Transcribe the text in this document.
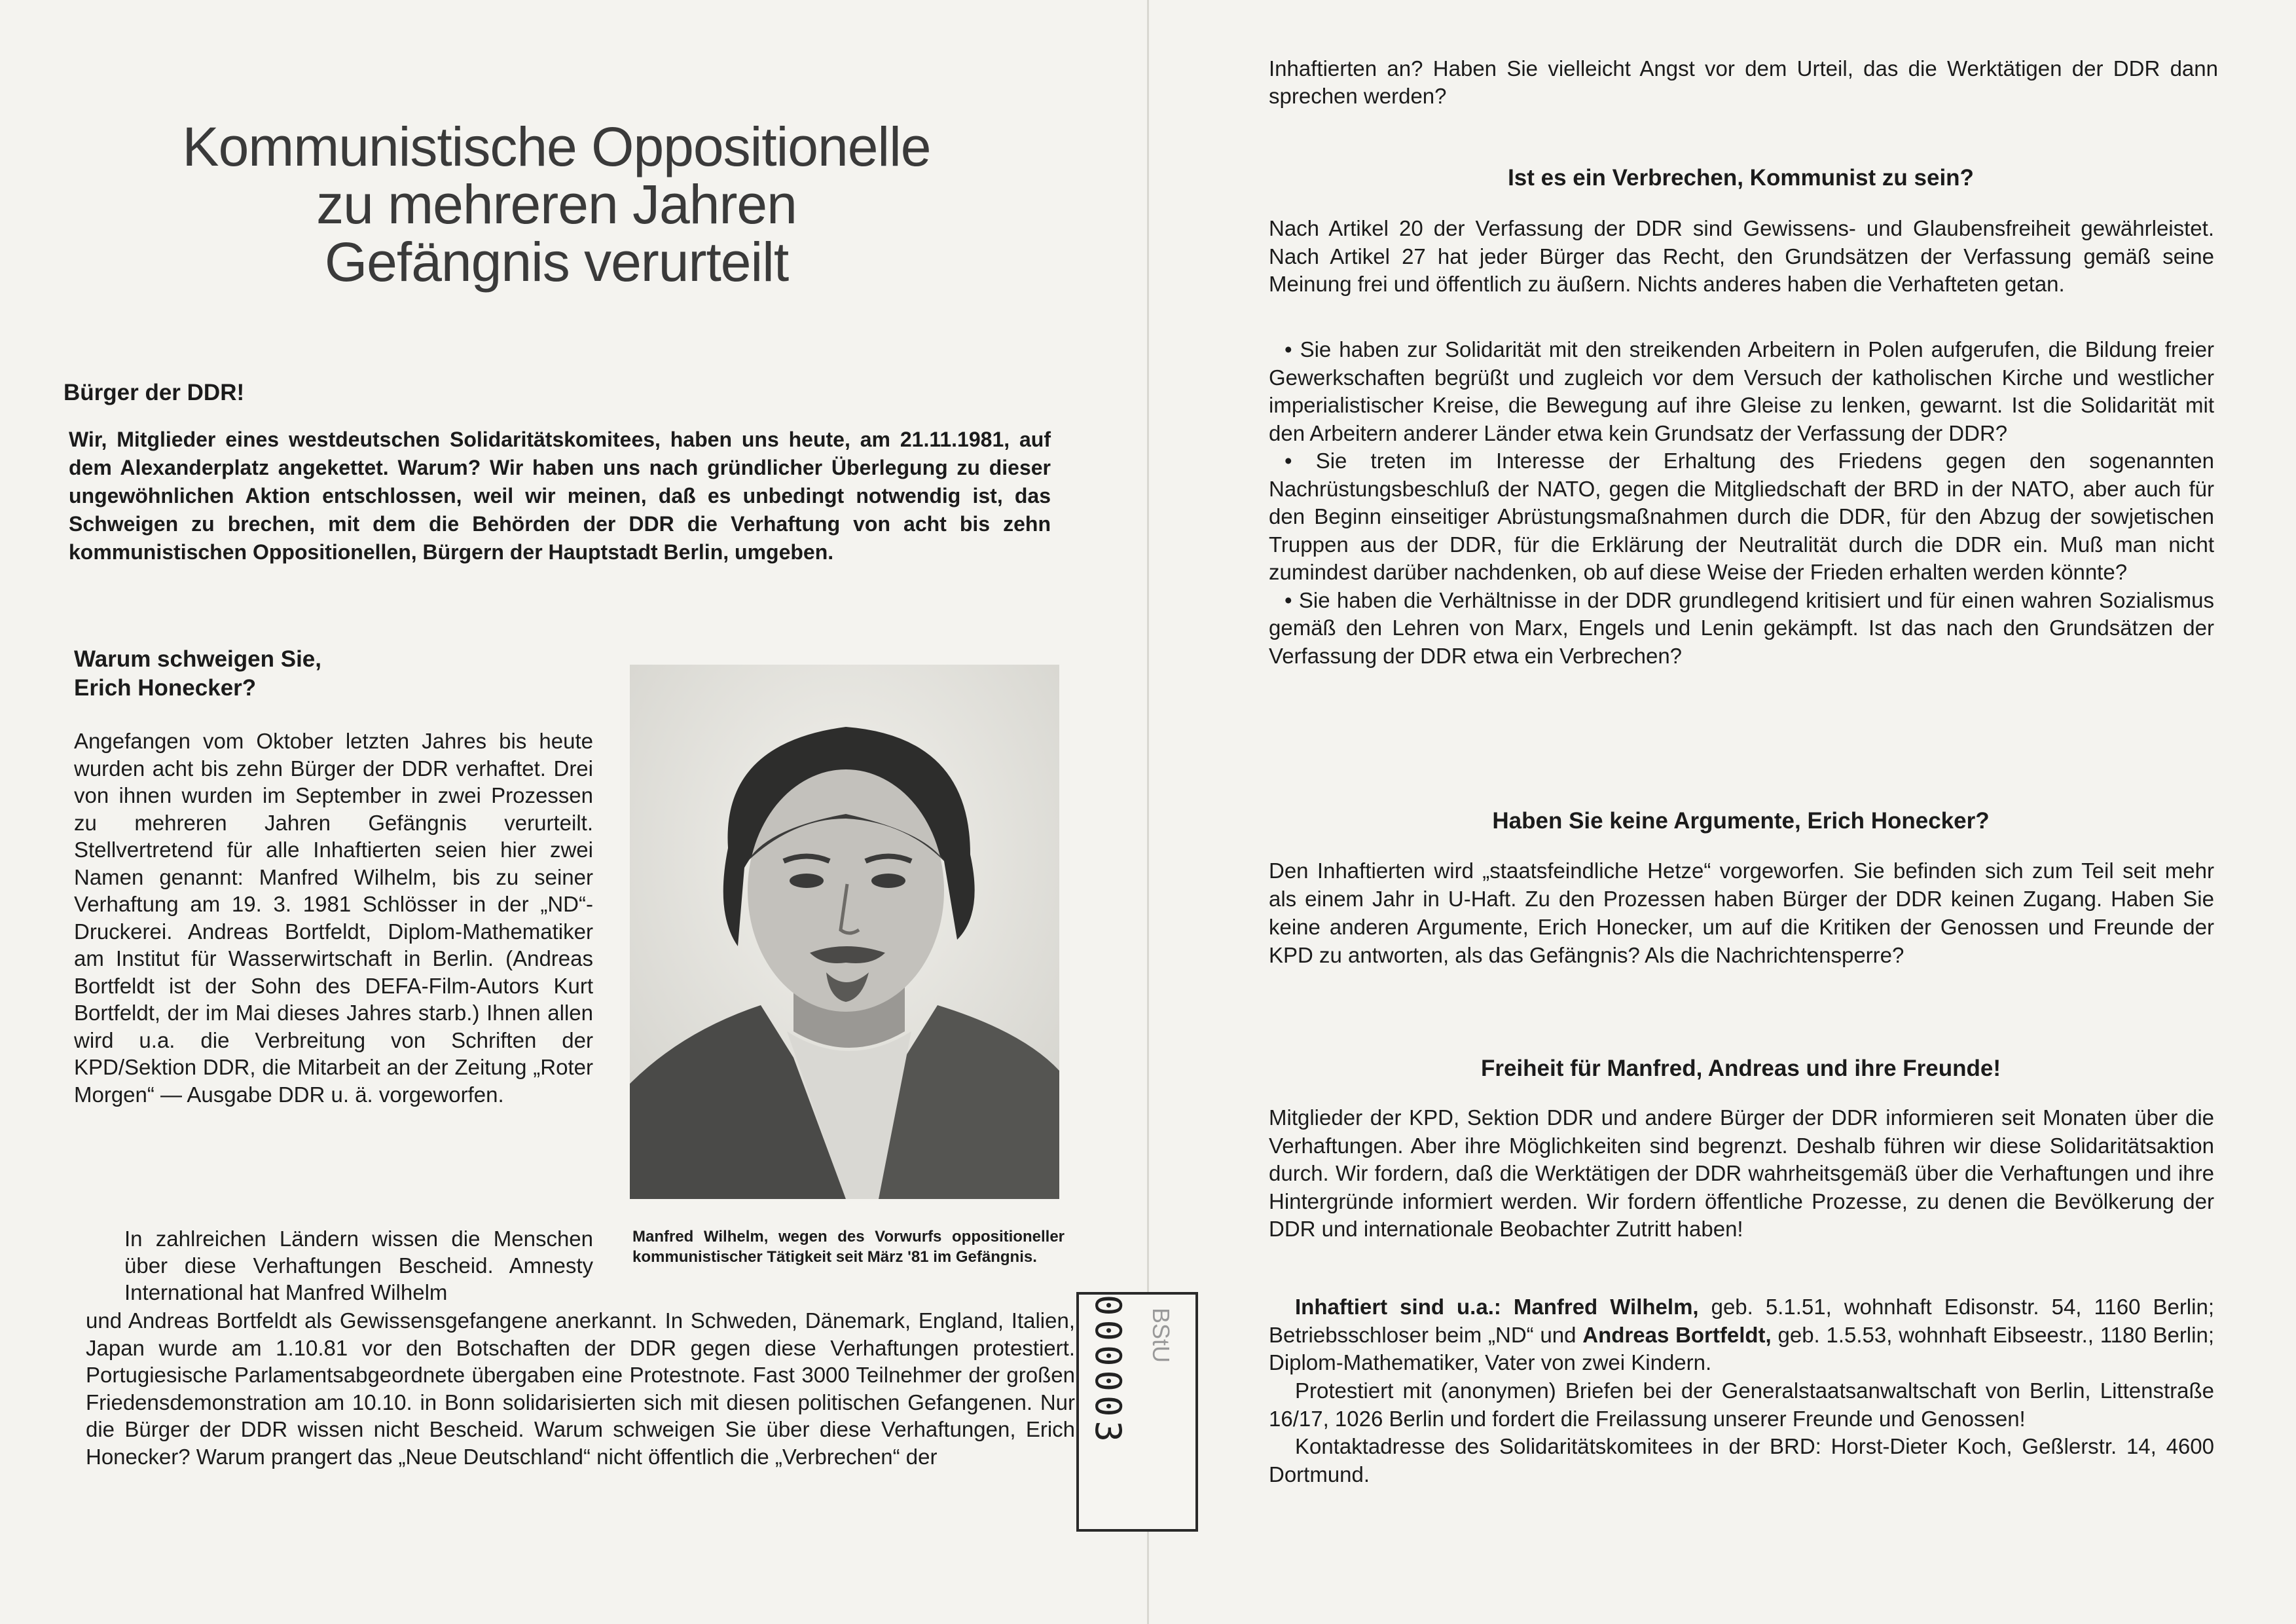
Kommunistische Oppositionelle
zu mehreren Jahren
Gefängnis verurteilt
Bürger der DDR!

Wir, Mitglieder eines westdeutschen Solidaritätskomitees, haben uns heute, am 21.11.1981, auf dem Alexanderplatz angekettet. Warum? Wir haben uns nach gründlicher Überlegung zu dieser ungewöhnlichen Aktion entschlossen, weil wir meinen, daß es unbedingt notwendig ist, das Schweigen zu brechen, mit dem die Behörden der DDR die Verhaftung von acht bis zehn kommunistischen Oppositionellen, Bürgern der Hauptstadt Berlin, umgeben.

Warum schweigen Sie,
Erich Honecker?

Angefangen vom Oktober letzten Jahres bis heute wurden acht bis zehn Bürger der DDR verhaftet. Drei von ihnen wurden im September in zwei Prozessen zu mehreren Jahren Gefängnis verurteilt. Stellvertretend für alle Inhaftierten seien hier zwei Namen genannt: Manfred Wilhelm, bis zu seiner Verhaftung am 19. 3. 1981 Schlösser in der „ND“-Druckerei. Andreas Bortfeldt, Diplom-Mathematiker am Institut für Wasserwirtschaft in Berlin. (Andreas Bortfeldt ist der Sohn des DEFA-Film-Autors Kurt Bortfeldt, der im Mai dieses Jahres starb.) Ihnen allen wird u.a. die Verbreitung von Schriften der KPD/Sektion DDR, die Mitarbeit an der Zeitung „Roter Morgen“ — Ausgabe DDR u. ä. vorgeworfen.

In zahlreichen Ländern wissen die Menschen über diese Verhaftungen Bescheid. Amnesty International hat Manfred Wilhelm

Manfred Wilhelm, wegen des Vorwurfs oppositioneller kommunistischer Tätigkeit seit März '81 im Gefängnis.

und Andreas Bortfeldt als Gewissensgefangene anerkannt. In Schweden, Dänemark, England, Italien, Japan wurde am 1.10.81 vor den Botschaften der DDR gegen diese Verhaftungen protestiert. Portugiesische Parlamentsabgeordnete übergaben eine Protestnote. Fast 3000 Teilnehmer der großen Friedensdemonstration am 10.10. in Bonn solidarisierten sich mit diesen politischen Gefangenen. Nur die Bürger der DDR wissen nicht Bescheid. Warum schweigen Sie über diese Verhaftungen, Erich Honecker? Warum prangert das „Neue Deutschland“ nicht öffentlich die „Verbrechen“ der

000003 BStU

Inhaftierten an? Haben Sie vielleicht Angst vor dem Urteil, das die Werktätigen der DDR dann sprechen werden?

Ist es ein Verbrechen, Kommunist zu sein?

Nach Artikel 20 der Verfassung der DDR sind Gewissens- und Glaubensfreiheit gewährleistet. Nach Artikel 27 hat jeder Bürger das Recht, den Grundsätzen der Verfassung gemäß seine Meinung frei und öffentlich zu äußern. Nichts anderes haben die Verhafteten getan.

• Sie haben zur Solidarität mit den streikenden Arbeitern in Polen aufgerufen, die Bildung freier Gewerkschaften begrüßt und zugleich vor dem Versuch der katholischen Kirche und westlicher imperialistischer Kreise, die Bewegung auf ihre Gleise zu lenken, gewarnt. Ist die Solidarität mit den Arbeitern anderer Länder etwa kein Grundsatz der Verfassung der DDR?

• Sie treten im Interesse der Erhaltung des Friedens gegen den sogenannten Nachrüstungsbeschluß der NATO, gegen die Mitgliedschaft der BRD in der NATO, aber auch für den Beginn einseitiger Abrüstungsmaßnahmen durch die DDR, für den Abzug der sowjetischen Truppen aus der DDR, für die Erklärung der Neutralität durch die DDR ein. Muß man nicht zumindest darüber nachdenken, ob auf diese Weise der Frieden erhalten werden könnte?

• Sie haben die Verhältnisse in der DDR grundlegend kritisiert und für einen wahren Sozialismus gemäß den Lehren von Marx, Engels und Lenin gekämpft. Ist das nach den Grundsätzen der Verfassung der DDR etwa ein Verbrechen?

Haben Sie keine Argumente, Erich Honecker?

Den Inhaftierten wird „staatsfeindliche Hetze“ vorgeworfen. Sie befinden sich zum Teil seit mehr als einem Jahr in U-Haft. Zu den Prozessen haben Bürger der DDR keinen Zugang. Haben Sie keine anderen Argumente, Erich Honecker, um auf die Kritiken der Genossen und Freunde der KPD zu antworten, als das Gefängnis? Als die Nachrichtensperre?

Freiheit für Manfred, Andreas und ihre Freunde!

Mitglieder der KPD, Sektion DDR und andere Bürger der DDR informieren seit Monaten über die Verhaftungen. Aber ihre Möglichkeiten sind begrenzt. Deshalb führen wir diese Solidaritätsaktion durch. Wir fordern, daß die Werktätigen der DDR wahrheitsgemäß über die Verhaftungen und ihre Hintergründe informiert werden. Wir fordern öffentliche Prozesse, zu denen die Bevölkerung der DDR und internationale Beobachter Zutritt haben!

Inhaftiert sind u.a.: Manfred Wilhelm, geb. 5.1.51, wohnhaft Edisonstr. 54, 1160 Berlin; Betriebsschloser beim „ND“ und Andreas Bortfeldt, geb. 1.5.53, wohnhaft Eibseestr., 1180 Berlin; Diplom-Mathematiker, Vater von zwei Kindern.

Protestiert mit (anonymen) Briefen bei der Generalstaatsanwaltschaft von Berlin, Littenstraße 16/17, 1026 Berlin und fordert die Freilassung unserer Freunde und Genossen!

Kontaktadresse des Solidaritätskomitees in der BRD: Horst-Dieter Koch, Geßlerstr. 14, 4600 Dortmund.
